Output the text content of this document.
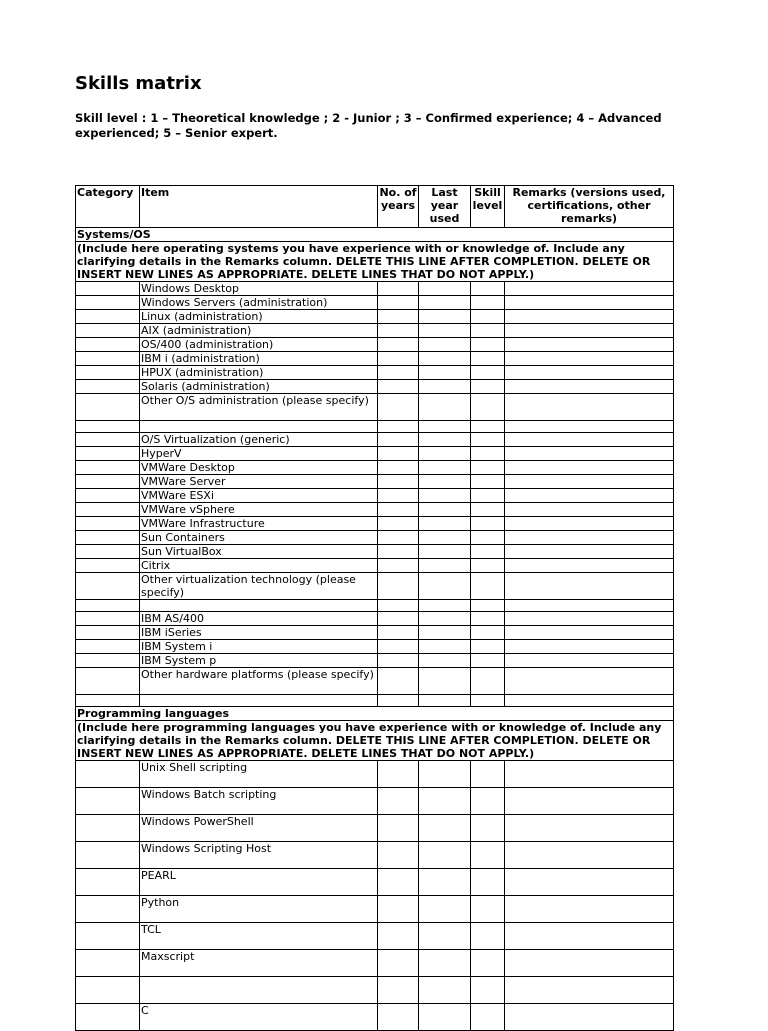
Skills matrix

Skill level : 1 – Theoretical knowledge ; 2 - Junior ; 3 – Confirmed experience; 4 – Advanced experienced; 5 – Senior expert.

Category	Item	No. of years	Last year used	Skill level	Remarks (versions used, certifications, other remarks)
Systems/OS					
(Include here operating systems you have experience with or knowledge of. Include any clarifying details in the Remarks column. DELETE THIS LINE AFTER COMPLETION. DELETE OR INSERT NEW LINES AS APPROPRIATE. DELETE LINES THAT DO NOT APPLY.)					
	Windows Desktop				
	Windows Servers (administration)				
	Linux (administration)				
	AIX (administration)				
	OS/400 (administration)				
	IBM i (administration)				
	HPUX (administration)				
	Solaris (administration)				
	Other O/S administration (please specify)				

	O/S Virtualization (generic)				
	HyperV				
	VMWare Desktop				
	VMWare Server				
	VMWare ESXi				
	VMWare vSphere				
	VMWare Infrastructure				
	Sun Containers				
	Sun VirtualBox				
	Citrix				
	Other virtualization technology (please specify)				

	IBM AS/400				
	IBM iSeries				
	IBM System i				
	IBM System p				
	Other hardware platforms (please specify)				

Programming languages					
(Include here programming languages you have experience with or knowledge of. Include any clarifying details in the Remarks column. DELETE THIS LINE AFTER COMPLETION. DELETE OR INSERT NEW LINES AS APPROPRIATE. DELETE LINES THAT DO NOT APPLY.)					
	Unix Shell scripting				
	Windows Batch scripting				
	Windows PowerShell				
	Windows Scripting Host				
	PEARL				
	Python				
	TCL				
	Maxscript				

	C				
